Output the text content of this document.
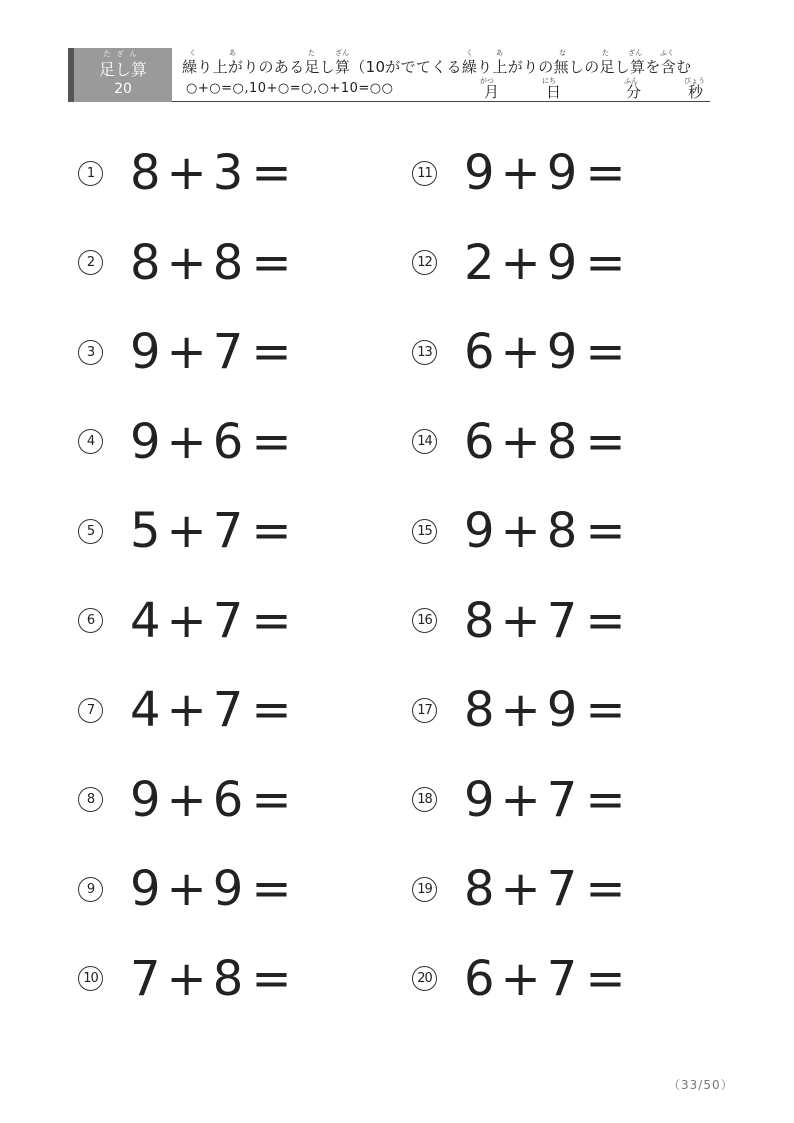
たざん
足し算
20
く	あ	た	ざん	く	あ	な	た	ざん	ふく
繰り上がりのある足し算（10がでてくる繰り上がりの無しの足し算を含む
○+○=○,10+○=○,○+10=○○	がつ	にち	ふん	びょう
月	日	分	秒
1 8 + 3 =
2 8 + 8 =
3 9 + 7 =
4 9 + 6 =
5 5 + 7 =
6 4 + 7 =
7 4 + 7 =
8 9 + 6 =
9 9 + 9 =
10 7 + 8 =
11 9 + 9 =
12 2 + 9 =
13 6 + 9 =
14 6 + 8 =
15 9 + 8 =
16 8 + 7 =
17 8 + 9 =
18 9 + 7 =
19 8 + 7 =
20 6 + 7 =
（33/50）
